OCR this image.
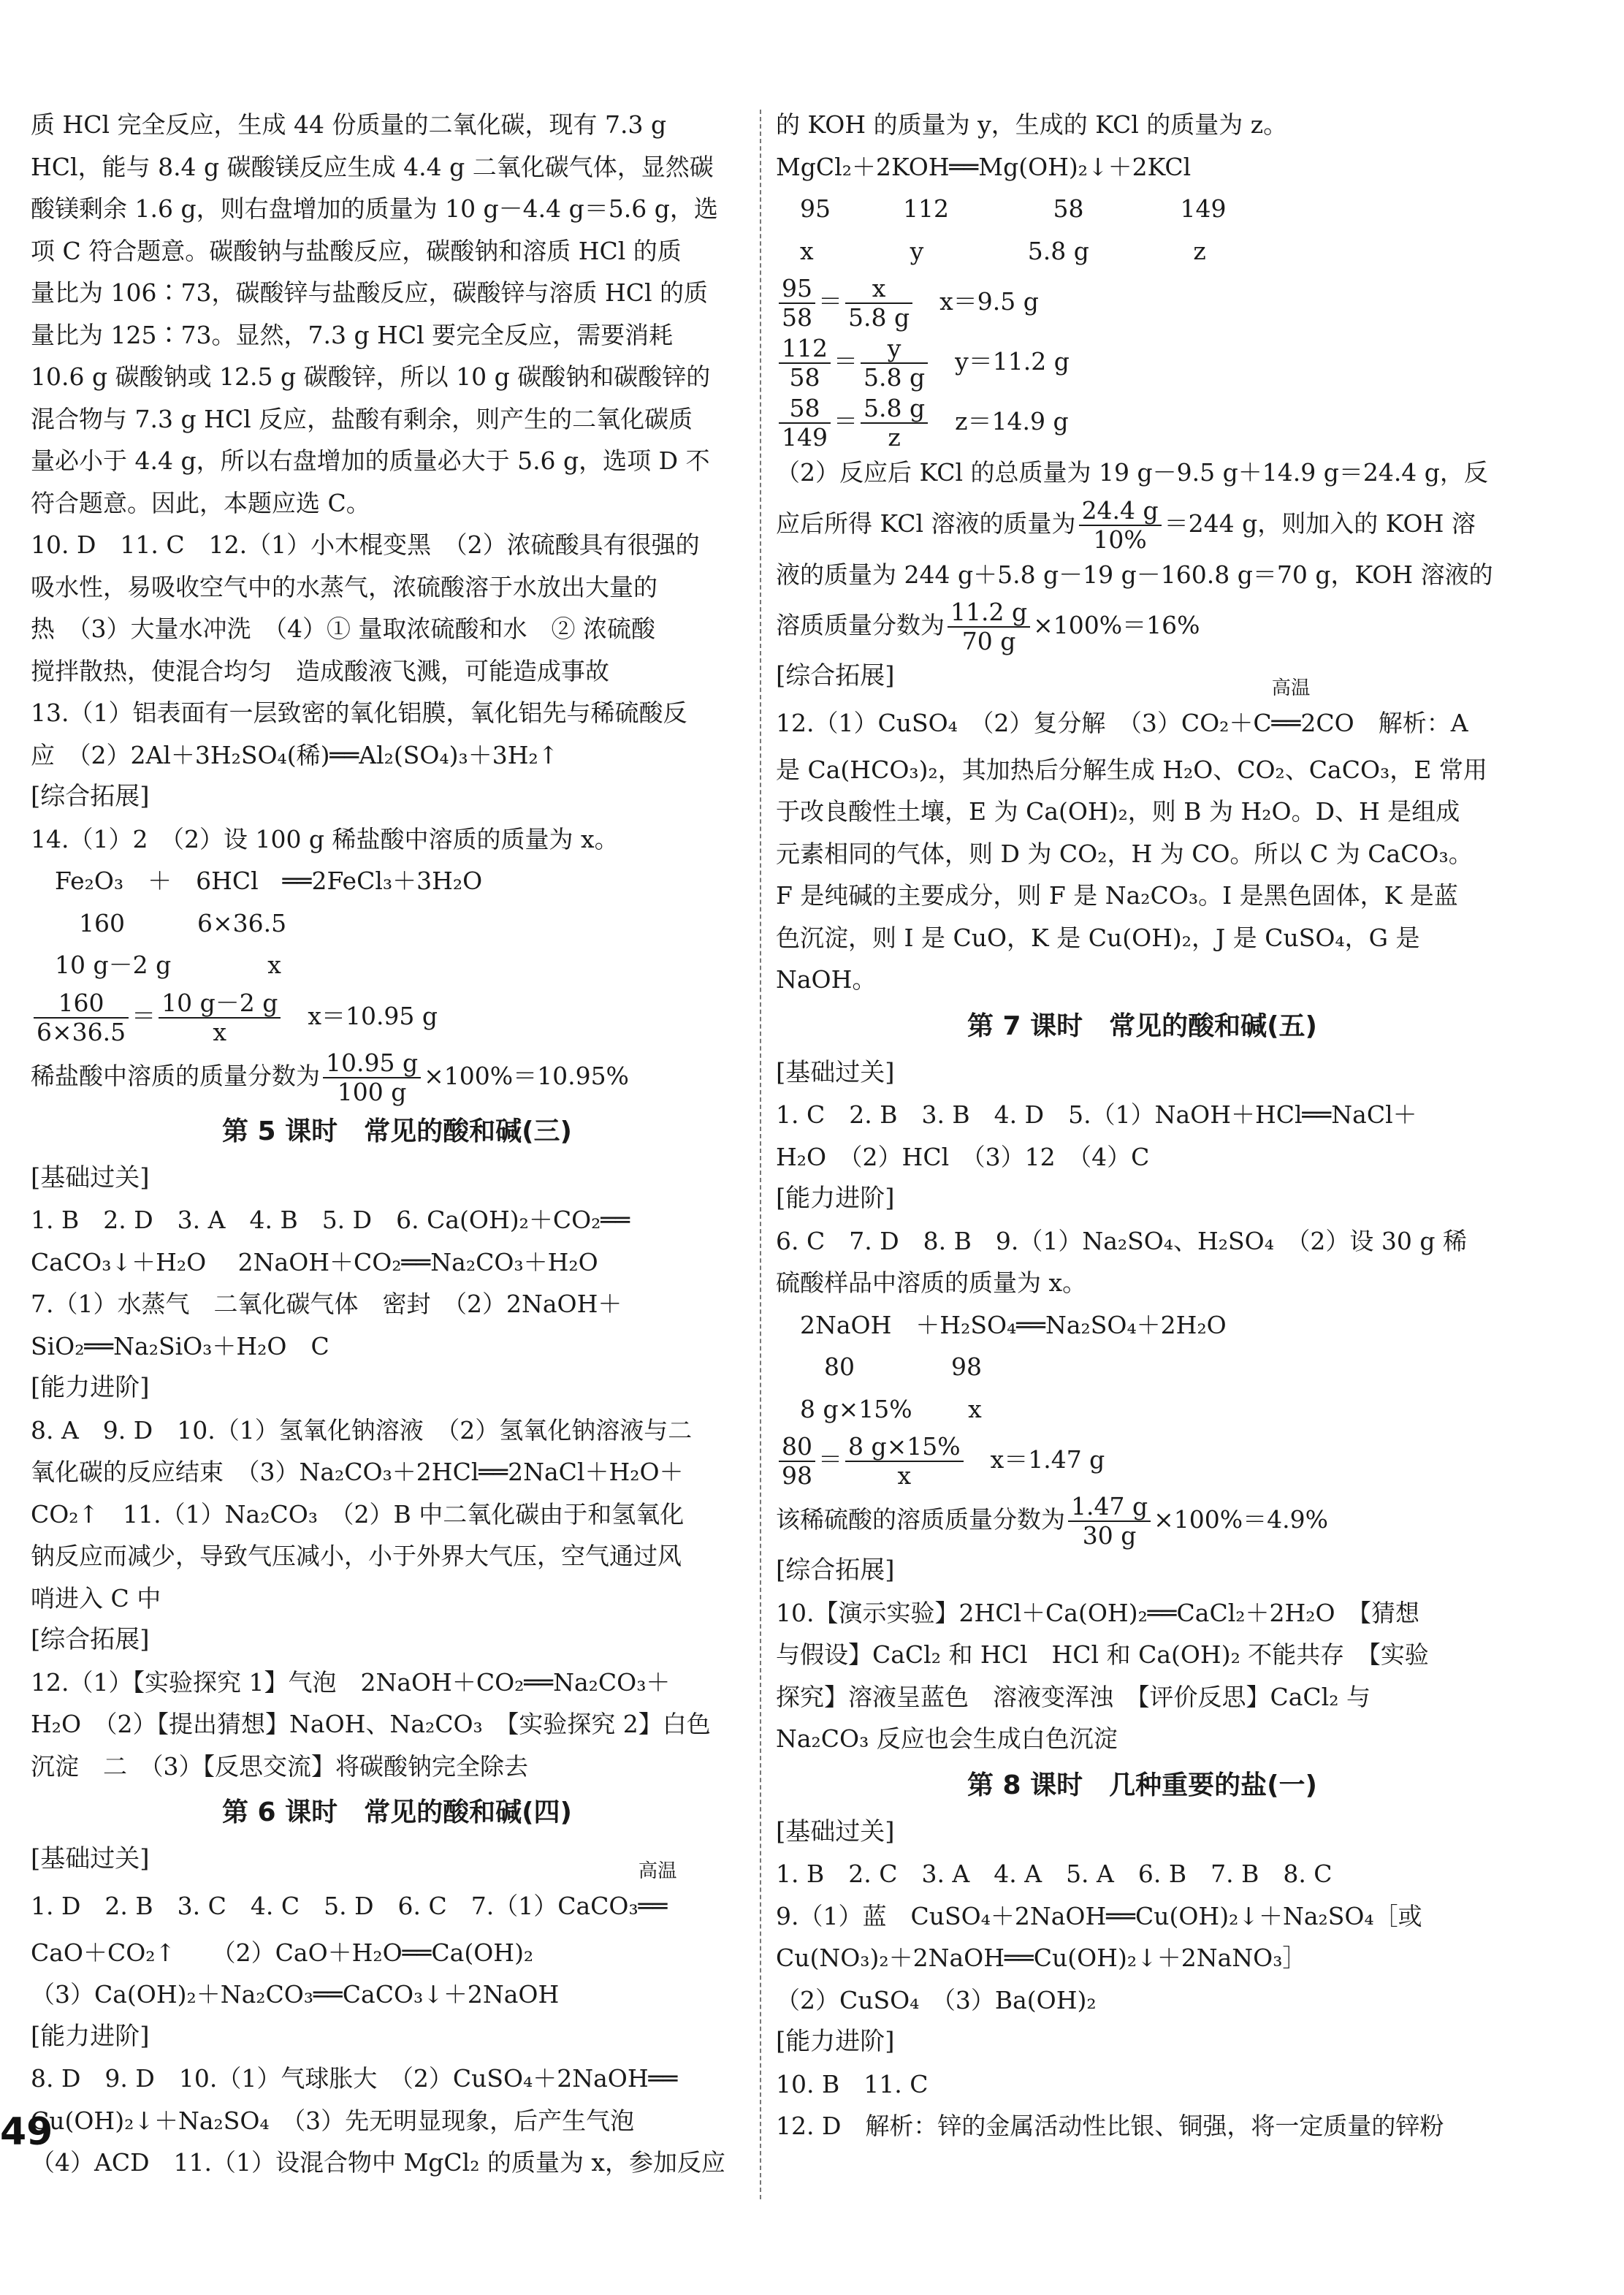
质 HCl 完全反应，生成 44 份质量的二氧化碳，现有 7.3 g
HCl，能与 8.4 g 碳酸镁反应生成 4.4 g 二氧化碳气体，显然碳
酸镁剩余 1.6 g，则右盘增加的质量为 10 g－4.4 g＝5.6 g，选
项 C 符合题意。碳酸钠与盐酸反应，碳酸钠和溶质 HCl 的质
量比为 106∶73，碳酸锌与盐酸反应，碳酸锌与溶质 HCl 的质
量比为 125∶73。显然，7.3 g HCl 要完全反应，需要消耗
10.6 g 碳酸钠或 12.5 g 碳酸锌，所以 10 g 碳酸钠和碳酸锌的
混合物与 7.3 g HCl 反应，盐酸有剩余，则产生的二氧化碳质
量必小于 4.4 g，所以右盘增加的质量必大于 5.6 g，选项 D 不
符合题意。因此，本题应选 C。
10. D　11. C　12.（1）小木棍变黑　（2）浓硫酸具有很强的
吸水性，易吸收空气中的水蒸气，浓硫酸溶于水放出大量的
热　（3）大量水冲洗　（4）① 量取浓硫酸和水　② 浓硫酸
搅拌散热，使混合均匀　造成酸液飞溅，可能造成事故
13.（1）铝表面有一层致密的氧化铝膜，氧化铝先与稀硫酸反
应　（2）2Al＋3H₂SO₄(稀)══Al₂(SO₄)₃＋3H₂↑
[综合拓展]
14.（1）2　（2）设 100 g 稀盐酸中溶质的质量为 x。
　Fe₂O₃　＋　6HCl　══2FeCl₃＋3H₂O
　　160　　　6×36.5
　10 g－2 g　　　　x
$\frac{160}{6\times 36.5} = \frac{10 g-2 g}{x}$ 　x＝10.95 g
稀盐酸中溶质的质量分数为 $\frac{10.95 g}{100 g} \times 100\%=10.95\%$
第 5 课时　常见的酸和碱(三)
[基础过关]
1. B　2. D　3. A　4. B　5. D　6. Ca(OH)₂＋CO₂══
CaCO₃↓＋H₂O　 2NaOH＋CO₂══Na₂CO₃＋H₂O
7.（1）水蒸气　二氧化碳气体　密封　（2）2NaOH＋
SiO₂══Na₂SiO₃＋H₂O　C
[能力进阶]
8. A　9. D　10.（1）氢氧化钠溶液　（2）氢氧化钠溶液与二
氧化碳的反应结束　（3）Na₂CO₃＋2HCl══2NaCl＋H₂O＋
CO₂↑　11.（1）Na₂CO₃　（2）B 中二氧化碳由于和氢氧化
钠反应而减少，导致气压减小，小于外界大气压，空气通过风
哨进入 C 中
[综合拓展]
12.（1）【实验探究 1】气泡　2NaOH＋CO₂══Na₂CO₃＋
H₂O　（2）【提出猜想】NaOH、Na₂CO₃　【实验探究 2】白色
沉淀　二　（3）【反思交流】将碳酸钠完全除去
第 6 课时　常见的酸和碱(四)
[基础过关]
1. D　2. B　3. C　4. C　5. D　6. C　7.（1）CaCO₃
高温
══
CaO＋CO₂↑　　（2）CaO＋H₂O══Ca(OH)₂
（3）Ca(OH)₂＋Na₂CO₃══CaCO₃↓＋2NaOH
[能力进阶]
8. D　9. D　10.（1）气球胀大　（2）CuSO₄＋2NaOH══
Cu(OH)₂↓＋Na₂SO₄　（3）先无明显现象，后产生气泡
（4）ACD　11.（1）设混合物中 MgCl₂ 的质量为 x，参加反应
的 KOH 的质量为 y，生成的 KCl 的质量为 z。
MgCl₂＋2KOH══Mg(OH)₂↓＋2KCl
　95　　　112　　　　 58　　　　149
　x　　　　y　　　　 5.8 g　　　　 z
$\frac{95}{58} = \frac{x}{5.8 g}$ 　x＝9.5 g
$\frac{112}{58} = \frac{y}{5.8 g}$ 　y＝11.2 g
$\frac{58}{149} = \frac{5.8 g}{z}$ 　z＝14.9 g
（2）反应后 KCl 的总质量为 19 g－9.5 g＋14.9 g＝24.4 g，反
应后所得 KCl 溶液的质量为 $\frac{24.4 g}{10\%} =244$ g，则加入的 KOH 溶
液的质量为 244 g＋5.8 g－19 g－160.8 g＝70 g，KOH 溶液的
溶质质量分数为 $\frac{11.2 g}{70 g} \times 100\%=16\%$
[综合拓展]
12.（1）CuSO₄　（2）复分解　（3）CO₂＋C
高温
══2CO　解析：A
是 Ca(HCO₃)₂，其加热后分解生成 H₂O、CO₂、CaCO₃，E 常用
于改良酸性土壤，E 为 Ca(OH)₂，则 B 为 H₂O。D、H 是组成
元素相同的气体，则 D 为 CO₂，H 为 CO。所以 C 为 CaCO₃。
F 是纯碱的主要成分，则 F 是 Na₂CO₃。I 是黑色固体，K 是蓝
色沉淀，则 I 是 CuO，K 是 Cu(OH)₂，J 是 CuSO₄，G 是
NaOH。
第 7 课时　常见的酸和碱(五)
[基础过关]
1. C　2. B　3. B　4. D　5.（1）NaOH＋HCl══NaCl＋
H₂O　（2）HCl　（3）12　（4）C
[能力进阶]
6. C　7. D　8. B　9.（1）Na₂SO₄、H₂SO₄　（2）设 30 g 稀
硫酸样品中溶质的质量为 x。
　2NaOH　＋H₂SO₄══Na₂SO₄＋2H₂O
　　80　　　　98
　8 g×15%　　 x
$\frac{80}{98} = \frac{8 g\times 15\%}{x}$ 　x＝1.47 g
该稀硫酸的溶质质量分数为 $\frac{1.47 g}{30 g} \times 100\%=4.9\%$
[综合拓展]
10.【演示实验】2HCl＋Ca(OH)₂══CaCl₂＋2H₂O　【猜想
与假设】CaCl₂ 和 HCl　HCl 和 Ca(OH)₂ 不能共存　【实验
探究】溶液呈蓝色　溶液变浑浊　【评价反思】CaCl₂ 与
Na₂CO₃ 反应也会生成白色沉淀
第 8 课时　几种重要的盐(一)
[基础过关]
1. B　2. C　3. A　4. A　5. A　6. B　7. B　8. C
9.（1）蓝　CuSO₄＋2NaOH══Cu(OH)₂↓＋Na₂SO₄［或
Cu(NO₃)₂＋2NaOH══Cu(OH)₂↓＋2NaNO₃］
（2）CuSO₄　（3）Ba(OH)₂
[能力进阶]
10. B　11. C
12. D　解析：锌的金属活动性比银、铜强，将一定质量的锌粉
49
